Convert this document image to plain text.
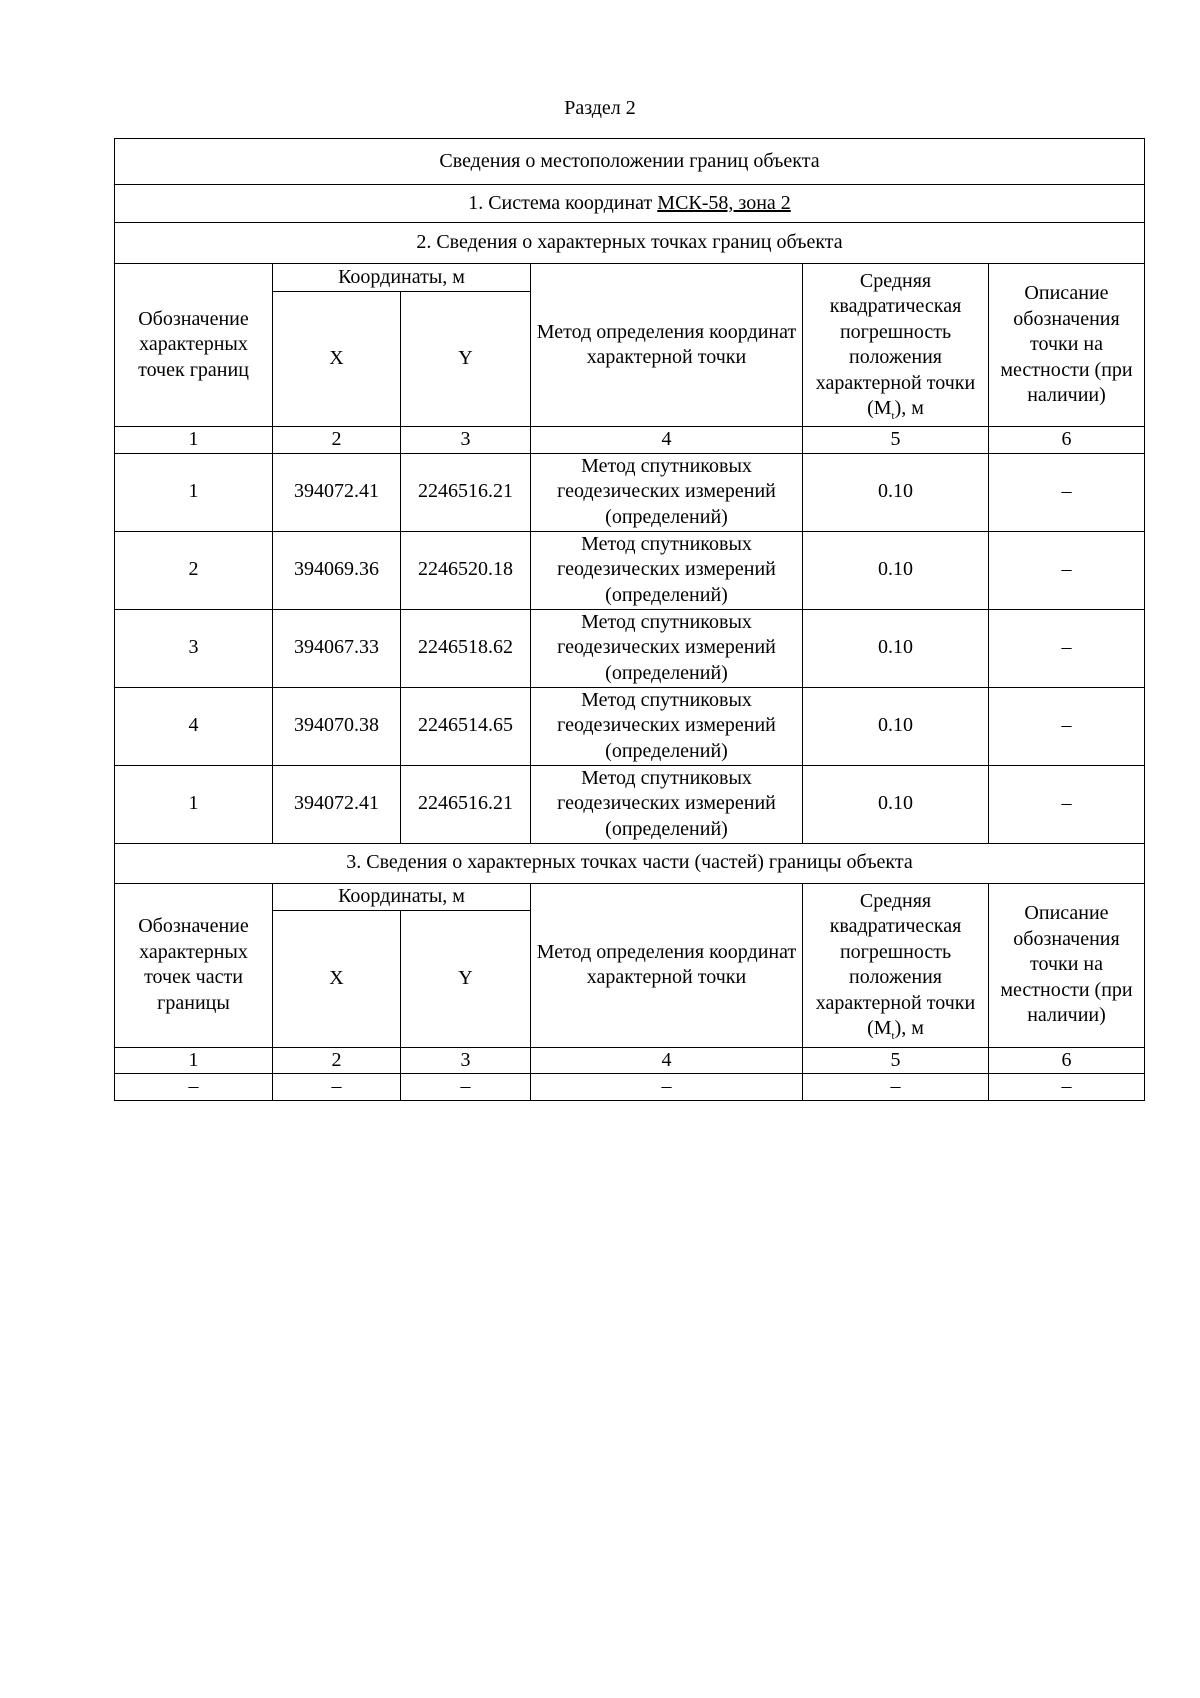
Раздел 2
Сведения о местоположении границ объекта					
1. Система координат МСК-58, зона 2					
2. Сведения о характерных точках границ объекта					
Обозначение характерных точек границ	Координаты, м		Метод определения координат характерной точки	Средняя квадратическая погрешность положения характерной точки $(M_t)$, м	Описание обозначения точки на местности (при наличии)
	X	Y			
1	2	3	4	5	6
1	394072.41	2246516.21	Метод спутниковых геодезических измерений (определений)	0.10	–
2	394069.36	2246520.18	Метод спутниковых геодезических измерений (определений)	0.10	–
3	394067.33	2246518.62	Метод спутниковых геодезических измерений (определений)	0.10	–
4	394070.38	2246514.65	Метод спутниковых геодезических измерений (определений)	0.10	–
1	394072.41	2246516.21	Метод спутниковых геодезических измерений (определений)	0.10	–
3. Сведения о характерных точках части (частей) границы объекта					
Обозначение характерных точек части границы	Координаты, м		Метод определения координат характерной точки	Средняя квадратическая погрешность положения характерной точки $(M_t)$, м	Описание обозначения точки на местности (при наличии)
	X	Y			
1	2	3	4	5	6
–	–	–	–	–	–
